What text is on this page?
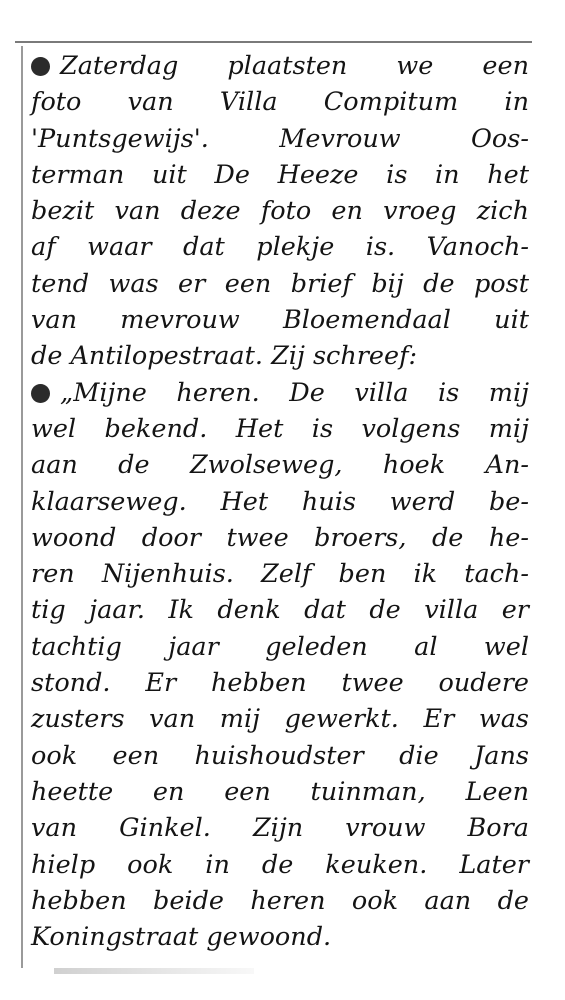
Zaterdag plaatsten we een
foto van Villa Compitum in
'Puntsgewijs'. Mevrouw Oos-
terman uit De Heeze is in het
bezit van deze foto en vroeg zich
af waar dat plekje is. Vanoch-
tend was er een brief bij de post
van mevrouw Bloemendaal uit
de Antilopestraat. Zij schreef:
„Mijne heren. De villa is mij
wel bekend. Het is volgens mij
aan de Zwolseweg, hoek An-
klaarseweg. Het huis werd be-
woond door twee broers, de he-
ren Nijenhuis. Zelf ben ik tach-
tig jaar. Ik denk dat de villa er
tachtig jaar geleden al wel
stond. Er hebben twee oudere
zusters van mij gewerkt. Er was
ook een huishoudster die Jans
heette en een tuinman, Leen
van Ginkel. Zijn vrouw Bora
hielp ook in de keuken. Later
hebben beide heren ook aan de
Koningstraat gewoond.
